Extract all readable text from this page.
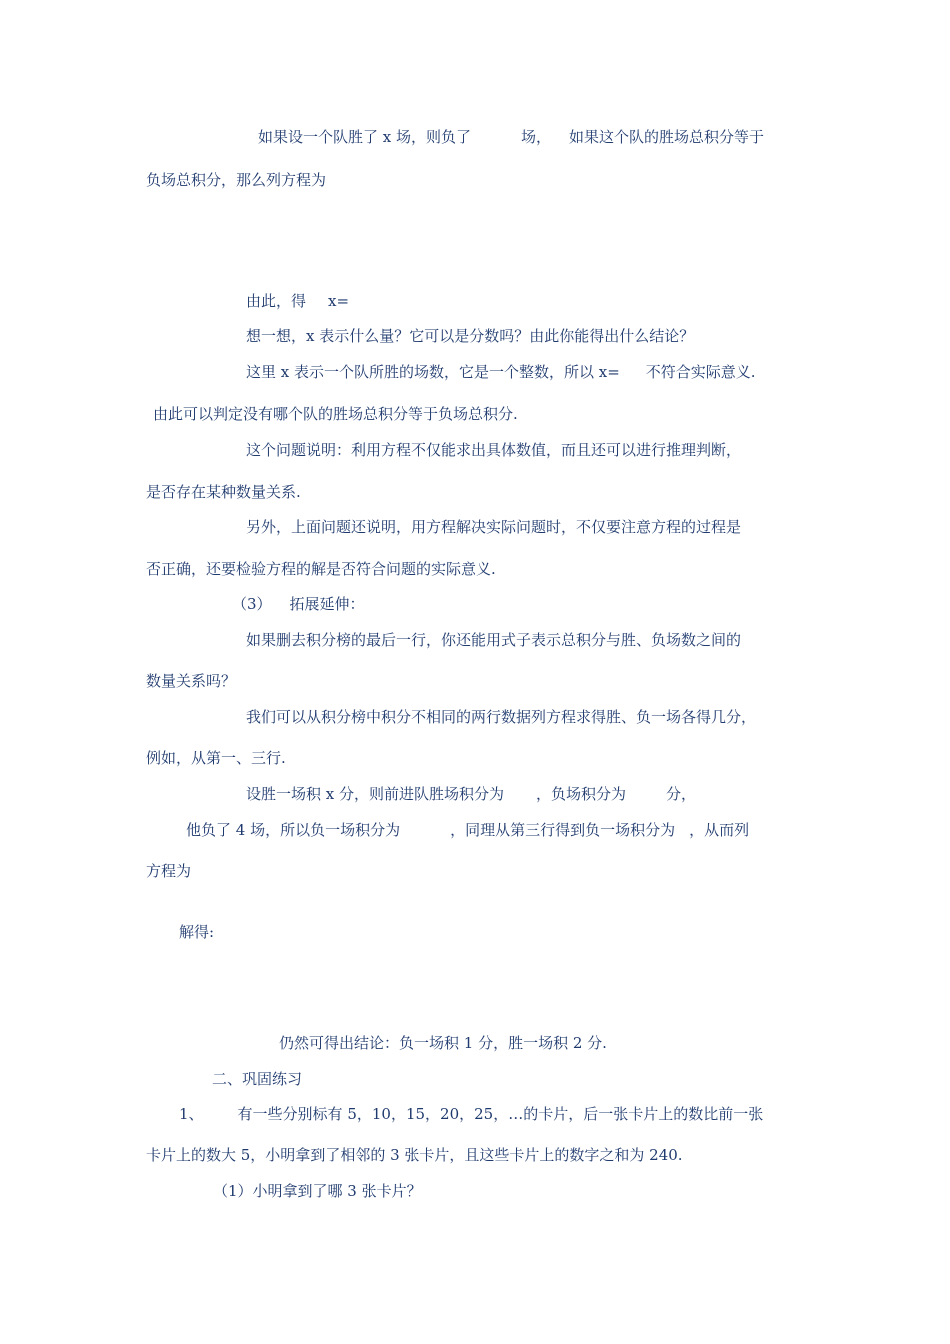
如果设一个队胜了 x 场，则负了	场， 如果这个队的胜场总积分等于
负场总积分，那么列方程为
由此，得 x=
想一想，x 表示什么量？它可以是分数吗？由此你能得出什么结论？
这里 x 表示一个队所胜的场数，它是一个整数，所以 x= 不符合实际意义.
由此可以判定没有哪个队的胜场总积分等于负场总积分.
这个问题说明：利用方程不仅能求出具体数值，而且还可以进行推理判断，
是否存在某种数量关系.
另外，上面问题还说明，用方程解决实际问题时，不仅要注意方程的过程是
否正确，还要检验方程的解是否符合问题的实际意义.
（3） 拓展延伸：
如果删去积分榜的最后一行，你还能用式子表示总积分与胜、负场数之间的
数量关系吗？
我们可以从积分榜中积分不相同的两行数据列方程求得胜、负一场各得几分，
例如，从第一、三行.
设胜一场积 x 分，则前进队胜场积分为 ，负场积分为	分，
他负了 4 场，所以负一场积分为	，同理从第三行得到负一场积分为 ，从而列
方程为
解得:
仍然可得出结论：负一场积 1 分，胜一场积 2 分.
二、巩固练习
1、 有一些分别标有 5，10，15，20，25，…的卡片，后一张卡片上的数比前一张
卡片上的数大 5，小明拿到了相邻的 3 张卡片，且这些卡片上的数字之和为 240.
（1）小明拿到了哪 3 张卡片？
